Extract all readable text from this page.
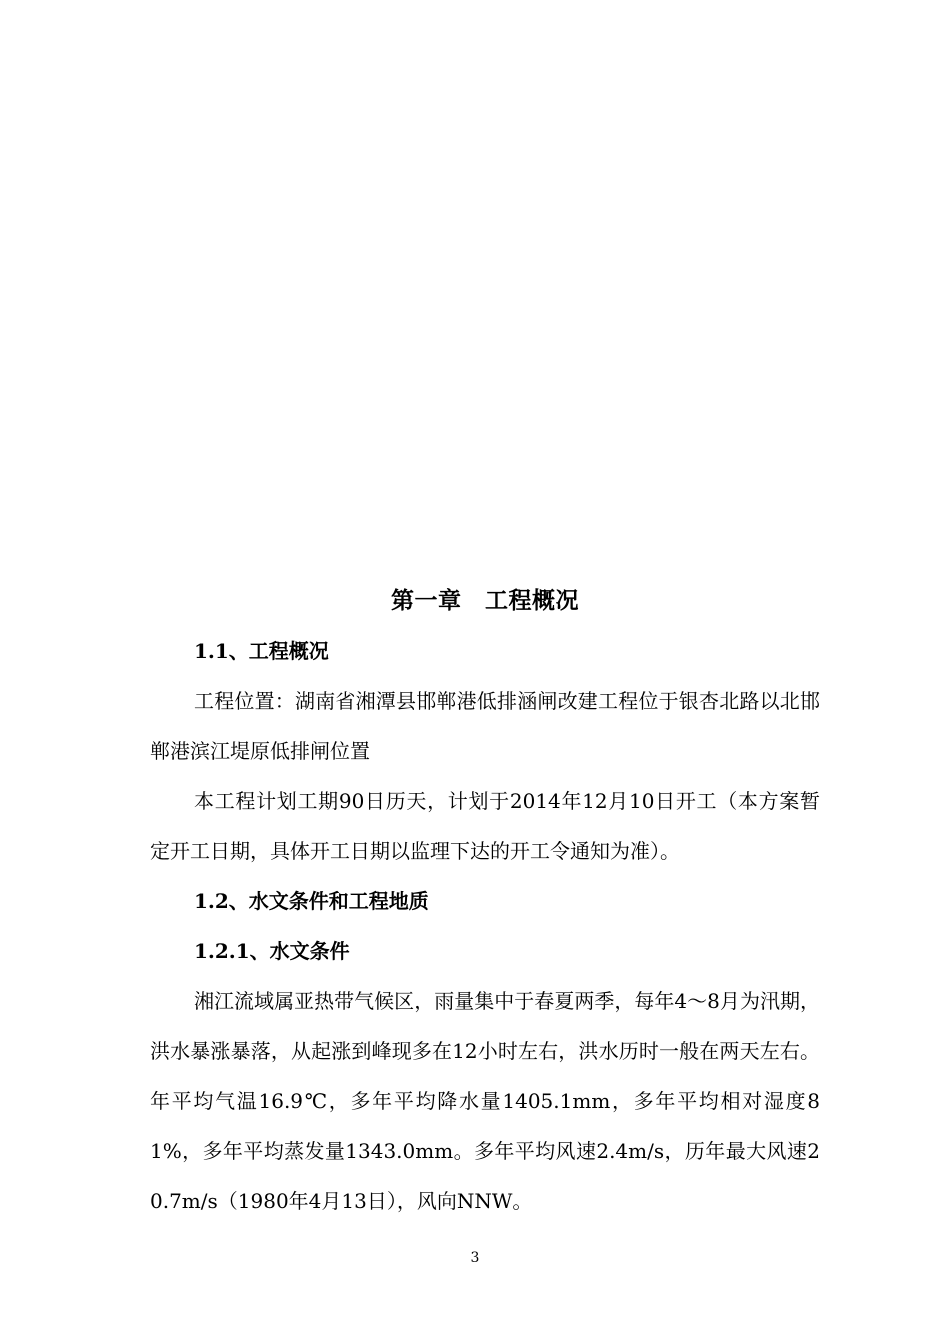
第一章　工程概况
1.1、工程概况

工程位置：湖南省湘潭县邯郸港低排涵闸改建工程位于银杏北路以北邯郸港滨江堤原低排闸位置

本工程计划工期90日历天，计划于2014年12月10日开工（本方案暂定开工日期，具体开工日期以监理下达的开工令通知为准）。

1.2、水文条件和工程地质
1.2.1、水文条件

湘江流域属亚热带气候区，雨量集中于春夏两季，每年4～8月为汛期，洪水暴涨暴落，从起涨到峰现多在12小时左右，洪水历时一般在两天左右。 年平均气温16.9℃，多年平均降水量1405.1mm，多年平均相对湿度81%，多年平均蒸发量1343.0mm。多年平均风速2.4m/s，历年最大风速20.7m/s（1980年4月13日），风向NNW。

3
